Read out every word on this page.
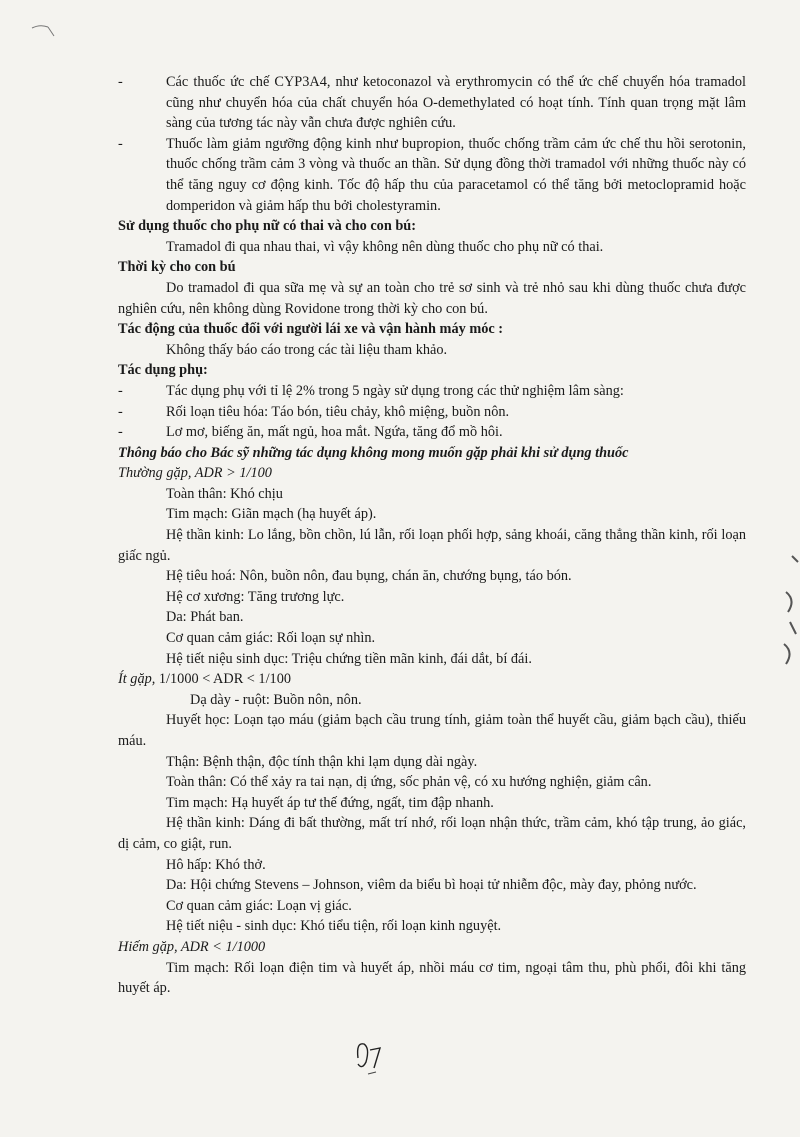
-	Các thuốc ức chế CYP3A4, như ketoconazol và erythromycin có thể ức chế chuyển hóa tramadol cũng như chuyển hóa của chất chuyển hóa O-demethylated có hoạt tính. Tính quan trọng mặt lâm sàng của tương tác này vẫn chưa được nghiên cứu.
-	Thuốc làm giảm ngưỡng động kinh như bupropion, thuốc chống trầm cảm ức chế thu hồi serotonin, thuốc chống trầm cảm 3 vòng và thuốc an thần. Sử dụng đồng thời tramadol với những thuốc này có thể tăng nguy cơ động kinh. Tốc độ hấp thu của paracetamol có thể tăng bởi metoclopramid hoặc domperidon và giảm hấp thu bởi cholestyramin.

Sử dụng thuốc cho phụ nữ có thai và cho con bú:

Tramadol đi qua nhau thai, vì vậy không nên dùng thuốc cho phụ nữ có thai.

Thời kỳ cho con bú

Do tramadol đi qua sữa mẹ và sự an toàn cho trẻ sơ sinh và trẻ nhỏ sau khi dùng thuốc chưa được nghiên cứu, nên không dùng Rovidone trong thời kỳ cho con bú.

Tác động của thuốc đối với người lái xe và vận hành máy móc :

Không thấy báo cáo trong các tài liệu tham khảo.

Tác dụng phụ:

-	Tác dụng phụ với tỉ lệ 2% trong 5 ngày sử dụng trong các thử nghiệm lâm sàng:
-	Rối loạn tiêu hóa: Táo bón, tiêu chảy, khô miệng, buồn nôn.
-	Lơ mơ, biếng ăn, mất ngủ, hoa mắt. Ngứa, tăng đổ mồ hôi.

Thông báo cho Bác sỹ những tác dụng không mong muốn gặp phải khi sử dụng thuốc

Thường gặp, ADR > 1/100

Toàn thân: Khó chịu

Tim mạch: Giãn mạch (hạ huyết áp).

Hệ thần kinh: Lo lắng, bồn chồn, lú lẫn, rối loạn phối hợp, sảng khoái, căng thẳng thần kinh, rối loạn giấc ngủ.

Hệ tiêu hoá: Nôn, buồn nôn, đau bụng, chán ăn, chướng bụng, táo bón.

Hệ cơ xương: Tăng trương lực.

Da: Phát ban.

Cơ quan cảm giác: Rối loạn sự nhìn.

Hệ tiết niệu sinh dục: Triệu chứng tiền mãn kinh, đái dắt, bí đái.

Ít gặp, 1/1000 < ADR < 1/100

Dạ dày - ruột: Buồn nôn, nôn.

Huyết học: Loạn tạo máu (giảm bạch cầu trung tính, giảm toàn thể huyết cầu, giảm bạch cầu), thiếu máu.

Thận: Bệnh thận, độc tính thận khi lạm dụng dài ngày.

Toàn thân: Có thể xảy ra tai nạn, dị ứng, sốc phản vệ, có xu hướng nghiện, giảm cân.

Tim mạch: Hạ huyết áp tư thế đứng, ngất, tim đập nhanh.

Hệ thần kinh: Dáng đi bất thường, mất trí nhớ, rối loạn nhận thức, trầm cảm, khó tập trung, ảo giác, dị cảm, co giật, run.

Hô hấp: Khó thở.

Da: Hội chứng Stevens – Johnson, viêm da biểu bì hoại tử nhiễm độc, mày đay, phỏng nước.

Cơ quan cảm giác: Loạn vị giác.

Hệ tiết niệu - sinh dục: Khó tiểu tiện, rối loạn kinh nguyệt.

Hiếm gặp, ADR < 1/1000

Tim mạch: Rối loạn điện tim và huyết áp, nhồi máu cơ tim, ngoại tâm thu, phù phổi, đôi khi tăng huyết áp.
